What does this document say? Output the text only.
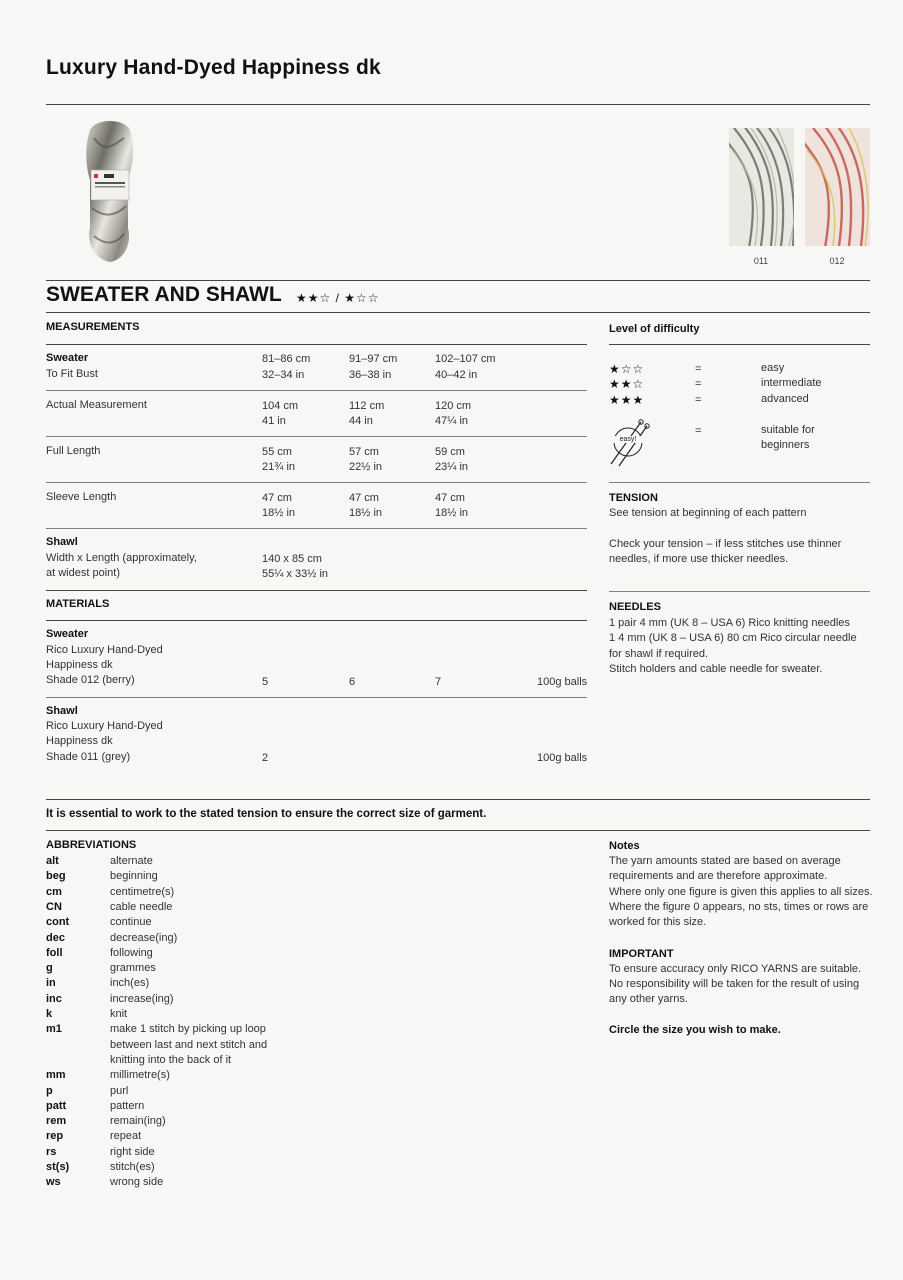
Luxury Hand-Dyed Happiness dk
011	012
SWEATER AND SHAWL ★★☆ / ★☆☆
MEASUREMENTS
Sweater
To Fit Bust
81–86 cm	91–97 cm	102–107 cm
32–34 in	36–38 in	40–42 in
Actual Measurement	104 cm	112 cm	120 cm
41 in	44 in	47¼ in
Full Length	55 cm	57 cm	59 cm
21¾ in	22½ in	23¼ in
Sleeve Length	47 cm	47 cm	47 cm
18½ in	18½ in	18½ in
Shawl
Width x Length (approximately,
at widest point)
140 x 85 cm
55¼ x 33½ in
MATERIALS
Sweater
Rico Luxury Hand-Dyed
Happiness dk
Shade 012 (berry)	5	6	7	100g balls
Shawl
Rico Luxury Hand-Dyed
Happiness dk
Shade 011 (grey)	2	100g balls
Level of difficulty
★☆☆	=	easy
★★☆	=	intermediate
★★★	=	advanced
easy!
=	suitable for
beginners
TENSION
See tension at beginning of each pattern
Check your tension – if less stitches use thinner
needles, if more use thicker needles.
NEEDLES
1 pair 4 mm (UK 8 – USA 6) Rico knitting needles
1 4 mm (UK 8 – USA 6) 80 cm Rico circular needle
for shawl if required.
Stitch holders and cable needle for sweater.
It is essential to work to the stated tension to ensure the correct size of garment.
ABBREVIATIONS
alt	alternate
beg	beginning
cm	centimetre(s)
CN	cable needle
cont	continue
dec	decrease(ing)
foll	following
g	grammes
in	inch(es)
inc	increase(ing)
k	knit
m1	make 1 stitch by picking up loop between last and next stitch and knitting into the back of it
mm	millimetre(s)
p	purl
patt	pattern
rem	remain(ing)
rep	repeat
rs	right side
st(s)	stitch(es)
ws	wrong side
Notes
The yarn amounts stated are based on average
requirements and are therefore approximate.
Where only one figure is given this applies to all sizes.
Where the figure 0 appears, no sts, times or rows are
worked for this size.
IMPORTANT
To ensure accuracy only RICO YARNS are suitable.
No responsibility will be taken for the result of using
any other yarns.
Circle the size you wish to make.
